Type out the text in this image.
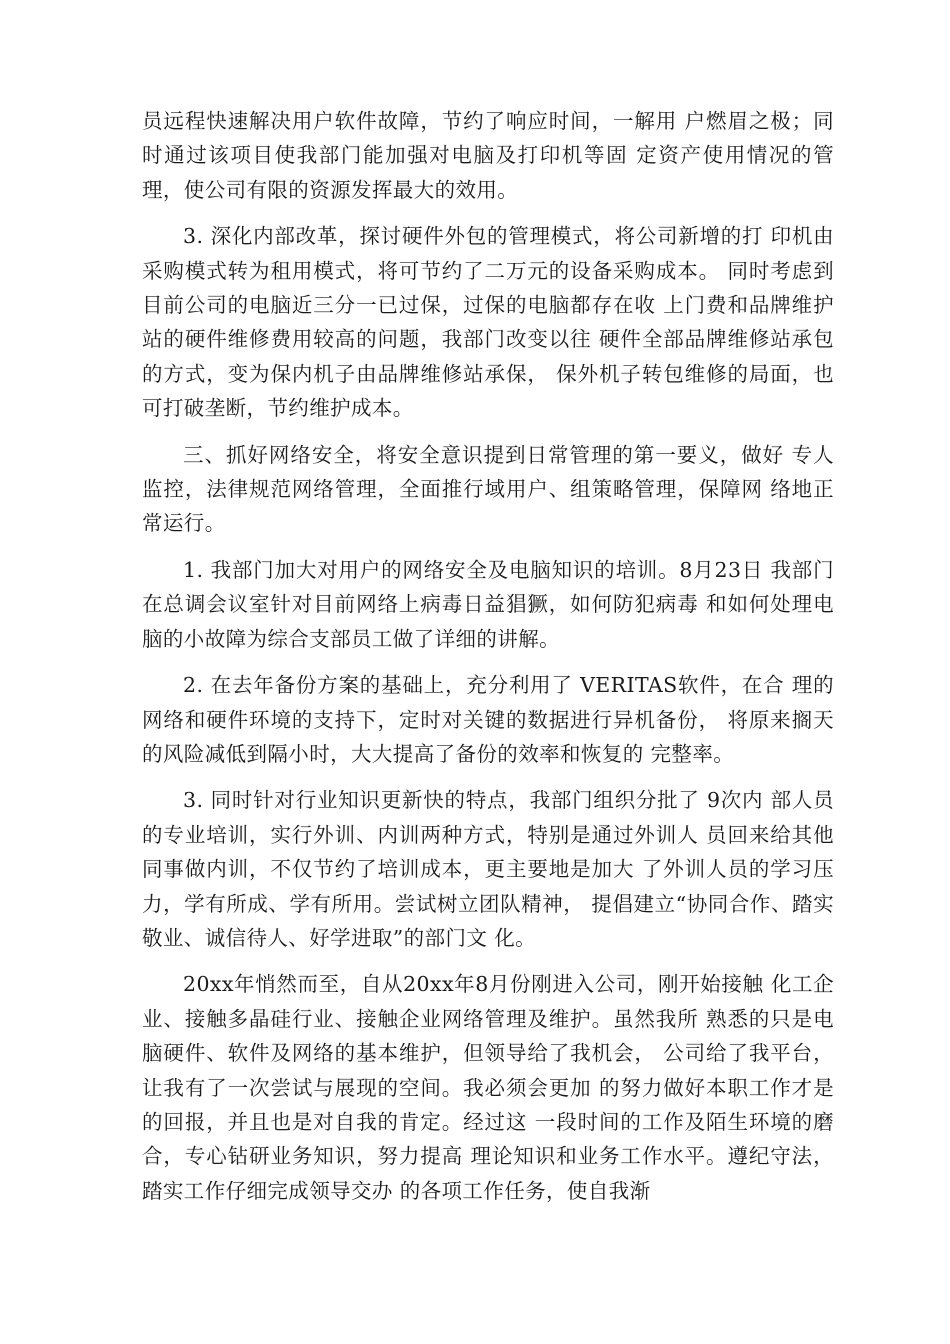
员远程快速解决用户软件故障，节约了响应时间，一解用 户燃眉之极；同时通过该项目使我部门能加强对电脑及打印机等固 定资产使用情况的管理，使公司有限的资源发挥最大的效用。

3. 深化内部改革，探讨硬件外包的管理模式，将公司新增的打 印机由采购模式转为租用模式，将可节约了二万元的设备采购成本。 同时考虑到目前公司的电脑近三分一已过保，过保的电脑都存在收 上门费和品牌维护站的硬件维修费用较高的问题，我部门改变以往 硬件全部品牌维修站承包的方式，变为保内机子由品牌维修站承保， 保外机子转包维修的局面，也可打破垄断，节约维护成本。

三、抓好网络安全，将安全意识提到日常管理的第一要义，做好 专人监控，法律规范网络管理，全面推行域用户、组策略管理，保障网 络地正常运行。

1. 我部门加大对用户的网络安全及电脑知识的培训。8月23日 我部门在总调会议室针对目前网络上病毒日益猖獗，如何防犯病毒 和如何处理电脑的小故障为综合支部员工做了详细的讲解。

2. 在去年备份方案的基础上，充分利用了 VERITAS软件，在合 理的网络和硬件环境的支持下，定时对关键的数据进行异机备份， 将原来搁天的风险减低到隔小时，大大提高了备份的效率和恢复的 完整率。

3. 同时针对行业知识更新快的特点，我部门组织分批了 9次内 部人员的专业培训，实行外训、内训两种方式，特别是通过外训人 员回来给其他同事做内训，不仅节约了培训成本，更主要地是加大 了外训人员的学习压力，学有所成、学有所用。尝试树立团队精神， 提倡建立“协同合作、踏实敬业、诚信待人、好学进取”的部门文 化。

20xx年悄然而至，自从20xx年8月份刚进入公司，刚开始接触 化工企业、接触多晶硅行业、接触企业网络管理及维护。虽然我所 熟悉的只是电脑硬件、软件及网络的基本维护，但领导给了我机会， 公司给了我平台，让我有了一次尝试与展现的空间。我必须会更加 的努力做好本职工作才是的回报，并且也是对自我的肯定。经过这 一段时间的工作及陌生环境的磨合，专心钻研业务知识，努力提高 理论知识和业务工作水平。遵纪守法，踏实工作仔细完成领导交办 的各项工作任务，使自我渐
